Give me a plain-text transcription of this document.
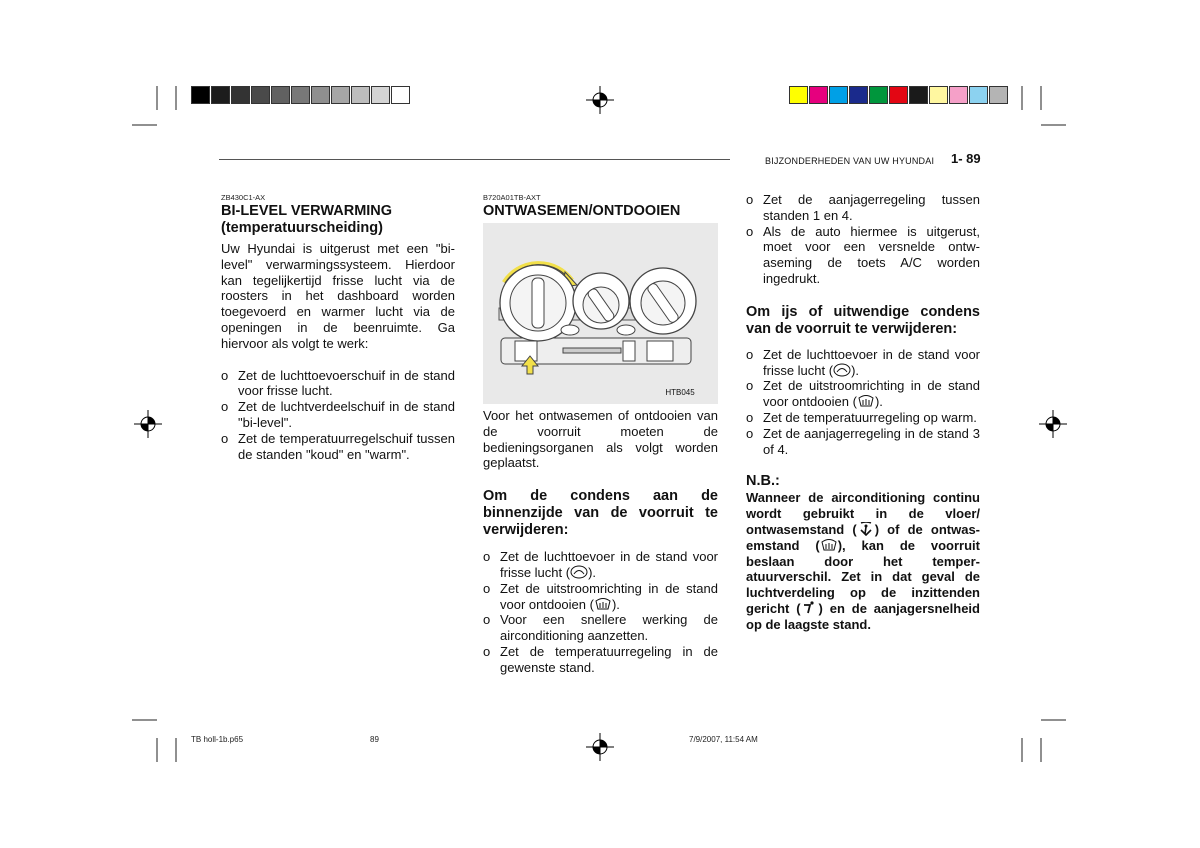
BIJZONDERHEDEN VAN UW HYUNDAI 1- 89
ZB430C1-AX
BI-LEVEL VERWARMING
(temperatuurscheiding)
Uw Hyundai is uitgerust met een "bi-level" verwarmingssysteem. Hierdoor kan tegelijkertijd frisse lucht via de roosters in het dashboard worden toegevoerd en warmer lucht via de openingen in de beenruimte. Ga hiervoor als volgt te werk:
o Zet de luchttoevoerschuif in de stand voor frisse lucht.
o Zet de luchtverdeelschuif in de stand "bi-level".
o Zet de temperatuurregelschuif tussen de standen "koud" en "warm".
B720A01TB-AXT
ONTWASEMEN/ONTDOOIEN
HTB045
Voor het ontwasemen of ontdooien van de voorruit moeten de bedieningsorganen als volgt worden geplaatst.
Om de condens aan de binnenzijde van de voorruit te verwijderen:
o Zet de luchttoevoer in de stand voor frisse lucht ( ).
o Zet de uitstroomrichting in de stand voor ontdooien ( ).
o Voor een snellere werking de airconditioning aanzetten.
o Zet de temperatuurregeling in de gewenste stand.
o Zet de aanjagerregeling tussen standen 1 en 4.
o Als de auto hiermee is uitgerust, moet voor een versnelde ontw-aseming de toets A/C worden ingedrukt.
Om ijs of uitwendige condens van de voorruit te verwijderen:
o Zet de luchttoevoer in de stand voor frisse lucht ( ).
o Zet de uitstroomrichting in de stand voor ontdooien ( ).
o Zet de temperatuurregeling op warm.
o Zet de aanjagerregeling in de stand 3 of 4.
N.B.:
Wanneer de airconditioning continu wordt gebruikt in de vloer/ ontwasemstand ( ) of de ontwas-emstand ( ), kan de voorruit beslaan door het temper-atuurverschil. Zet in dat geval de luchtverdeling op de inzittenden gericht ( ) en de aanjagersnelheid op de laagste stand.
TB holl-1b.p65	89	7/9/2007, 11:54 AM
